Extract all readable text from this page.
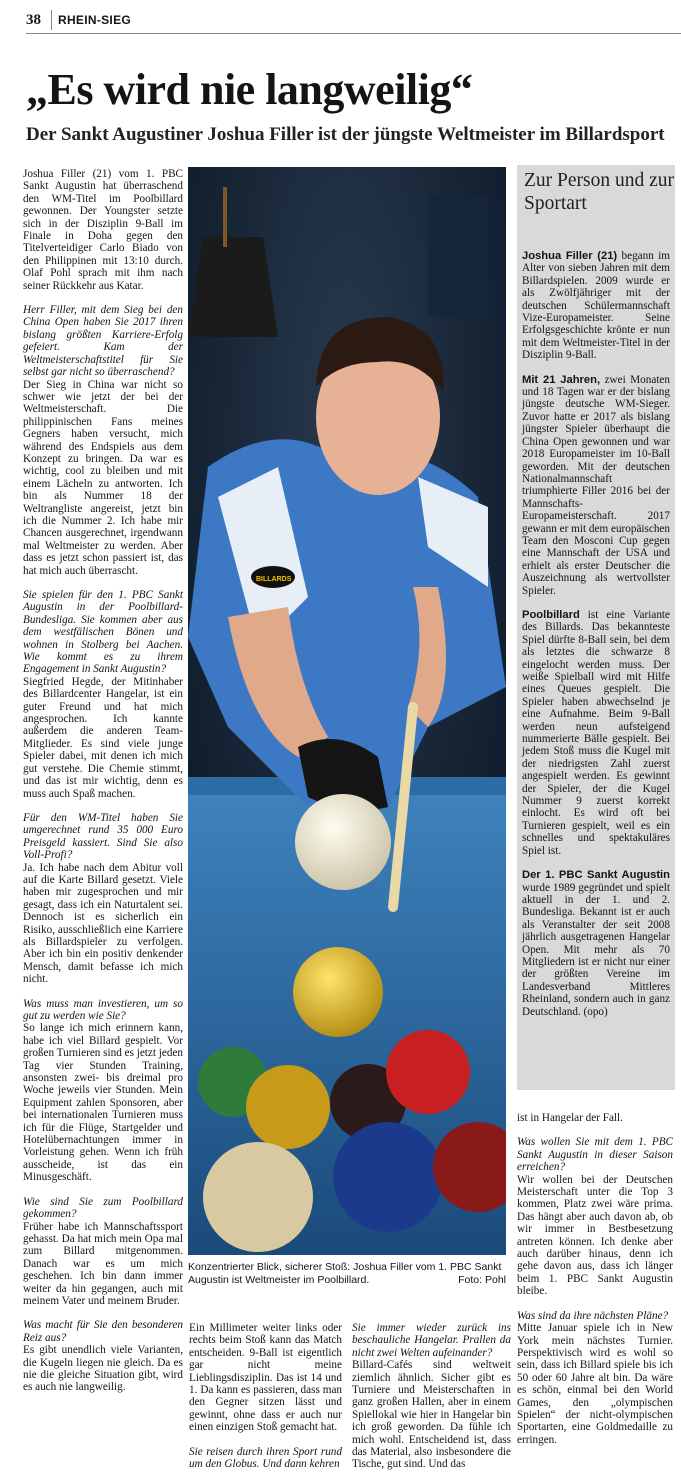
38 RHEIN-SIEG
„Es wird nie langweilig“
Der Sankt Augustiner Joshua Filler ist der jüngste Weltmeister im Billardsport

Joshua Filler (21) vom 1. PBC Sankt Augustin hat überraschend den WM-Titel im Poolbillard gewonnen. Der Youngster setzte sich in der Disziplin 9-Ball im Finale in Doha gegen den Titelverteidiger Carlo Biado von den Philippinen mit 13:10 durch. Olaf Pohl sprach mit ihm nach seiner Rückkehr aus Katar.

Herr Filler, mit dem Sieg bei den China Open haben Sie 2017 ihren bislang größten Karriere-Erfolg gefeiert. Kam der Weltmeisterschaftstitel für Sie selbst gar nicht so überraschend?

Der Sieg in China war nicht so schwer wie jetzt der bei der Weltmeisterschaft. Die philippinischen Fans meines Gegners haben versucht, mich während des Endspiels aus dem Konzept zu bringen. Da war es wichtig, cool zu bleiben und mit einem Lächeln zu antworten. Ich bin als Nummer 18 der Weltrangliste angereist, jetzt bin ich die Nummer 2. Ich habe mir Chancen ausgerechnet, irgendwann mal Weltmeister zu werden. Aber dass es jetzt schon passiert ist, das hat mich auch überrascht.

Sie spielen für den 1. PBC Sankt Augustin in der Poolbillard-Bundesliga. Sie kommen aber aus dem westfälischen Bönen und wohnen in Stolberg bei Aachen. Wie kommt es zu ihrem Engagement in Sankt Augustin?

Siegfried Hegde, der Mitinhaber des Billardcenter Hangelar, ist ein guter Freund und hat mich angesprochen. Ich kannte außerdem die anderen Team-Mitglieder. Es sind viele junge Spieler dabei, mit denen ich mich gut verstehe. Die Chemie stimmt, und das ist mir wichtig, denn es muss auch Spaß machen.

Für den WM-Titel haben Sie umgerechnet rund 35 000 Euro Preisgeld kassiert. Sind Sie also Voll-Profi?

Ja. Ich habe nach dem Abitur voll auf die Karte Billard gesetzt. Viele haben mir zugesprochen und mir gesagt, dass ich ein Naturtalent sei. Dennoch ist es sicherlich ein Risiko, ausschließlich eine Karriere als Billardspieler zu verfolgen. Aber ich bin ein positiv denkender Mensch, damit befasse ich mich nicht.

Was muss man investieren, um so gut zu werden wie Sie?

So lange ich mich erinnern kann, habe ich viel Billard gespielt. Vor großen Turnieren sind es jetzt jeden Tag vier Stunden Training, ansonsten zwei- bis dreimal pro Woche jeweils vier Stunden. Mein Equipment zahlen Sponsoren, aber bei internationalen Turnieren muss ich für die Flüge, Startgelder und Hotelübernachtungen immer in Vorleistung gehen. Wenn ich früh ausscheide, ist das ein Minusgeschäft.

Wie sind Sie zum Poolbillard gekommen?

Früher habe ich Mannschaftssport gehasst. Da hat mich mein Opa mal zum Billard mitgenommen. Danach war es um mich geschehen. Ich bin dann immer weiter da hin gegangen, auch mit meinem Vater und meinem Bruder.

Was macht für Sie den besonderen Reiz aus?

Es gibt unendlich viele Varianten, die Kugeln liegen nie gleich. Da es nie die gleiche Situation gibt, wird es auch nie langweilig.

BILLARDS
Konzentrierter Blick, sicherer Stoß: Joshua Filler vom 1. PBC Sankt Augustin ist Weltmeister im Poolbillard.	Foto: Pohl

Ein Millimeter weiter links oder rechts beim Stoß kann das Match entscheiden. 9-Ball ist eigentlich gar nicht meine Lieblingsdisziplin. Das ist 14 und 1. Da kann es passieren, dass man den Gegner sitzen lässt und gewinnt, ohne dass er auch nur einen einzigen Stoß gemacht hat.

Sie reisen durch ihren Sport rund um den Globus. Und dann kehren

Sie immer wieder zurück ins beschauliche Hangelar. Prallen da nicht zwei Welten aufeinander?

Billard-Cafés sind weltweit ziemlich ähnlich. Sicher gibt es Turniere und Meisterschaften in ganz großen Hallen, aber in einem Spiellokal wie hier in Hangelar bin ich groß geworden. Da fühle ich mich wohl. Entscheidend ist, dass das Material, also insbesondere die Tische, gut sind. Und das

Zur Person und zur Sportart

Joshua Filler (21) begann im Alter von sieben Jahren mit dem Billardspielen. 2009 wurde er als Zwölfjähriger mit der deutschen Schülermannschaft Vize-Europameister. Seine Erfolgsgeschichte krönte er nun mit dem Weltmeister-Titel in der Disziplin 9-Ball.

Mit 21 Jahren, zwei Monaten und 18 Tagen war er der bislang jüngste deutsche WM-Sieger. Zuvor hatte er 2017 als bislang jüngster Spieler überhaupt die China Open gewonnen und war 2018 Europameister im 10-Ball geworden. Mit der deutschen Nationalmannschaft triumphierte Filler 2016 bei der Mannschafts-Europameisterschaft. 2017 gewann er mit dem europäischen Team den Mosconi Cup gegen eine Mannschaft der USA und erhielt als erster Deutscher die Auszeichnung als wertvollster Spieler.

Poolbillard ist eine Variante des Billards. Das bekannteste Spiel dürfte 8-Ball sein, bei dem als letztes die schwarze 8 eingelocht werden muss. Der weiße Spielball wird mit Hilfe eines Queues gespielt. Die Spieler haben abwechselnd je eine Aufnahme. Beim 9-Ball werden neun aufsteigend nummerierte Bälle gespielt. Bei jedem Stoß muss die Kugel mit der niedrigsten Zahl zuerst angespielt werden. Es gewinnt der Spieler, der die Kugel Nummer 9 zuerst korrekt einlocht. Es wird oft bei Turnieren gespielt, weil es ein schnelles und spektakuläres Spiel ist.

Der 1. PBC Sankt Augustin wurde 1989 gegründet und spielt aktuell in der 1. und 2. Bundesliga. Bekannt ist er auch als Veranstalter der seit 2008 jährlich ausgetragenen Hangelar Open. Mit mehr als 70 Mitgliedern ist er nicht nur einer der größten Vereine im Landesverband Mittleres Rheinland, sondern auch in ganz Deutschland. (opo)

ist in Hangelar der Fall.

Was wollen Sie mit dem 1. PBC Sankt Augustin in dieser Saison erreichen?

Wir wollen bei der Deutschen Meisterschaft unter die Top 3 kommen, Platz zwei wäre prima. Das hängt aber auch davon ab, ob wir immer in Bestbesetzung antreten können. Ich denke aber auch darüber hinaus, denn ich gehe davon aus, dass ich länger beim 1. PBC Sankt Augustin bleibe.

Was sind da ihre nächsten Pläne?

Mitte Januar spiele ich in New York mein nächstes Turnier. Perspektivisch wird es wohl so sein, dass ich Billard spiele bis ich 50 oder 60 Jahre alt bin. Da wäre es schön, einmal bei den World Games, den „olympischen Spielen“ der nicht-olympischen Sportarten, eine Goldmedaille zu erringen.
